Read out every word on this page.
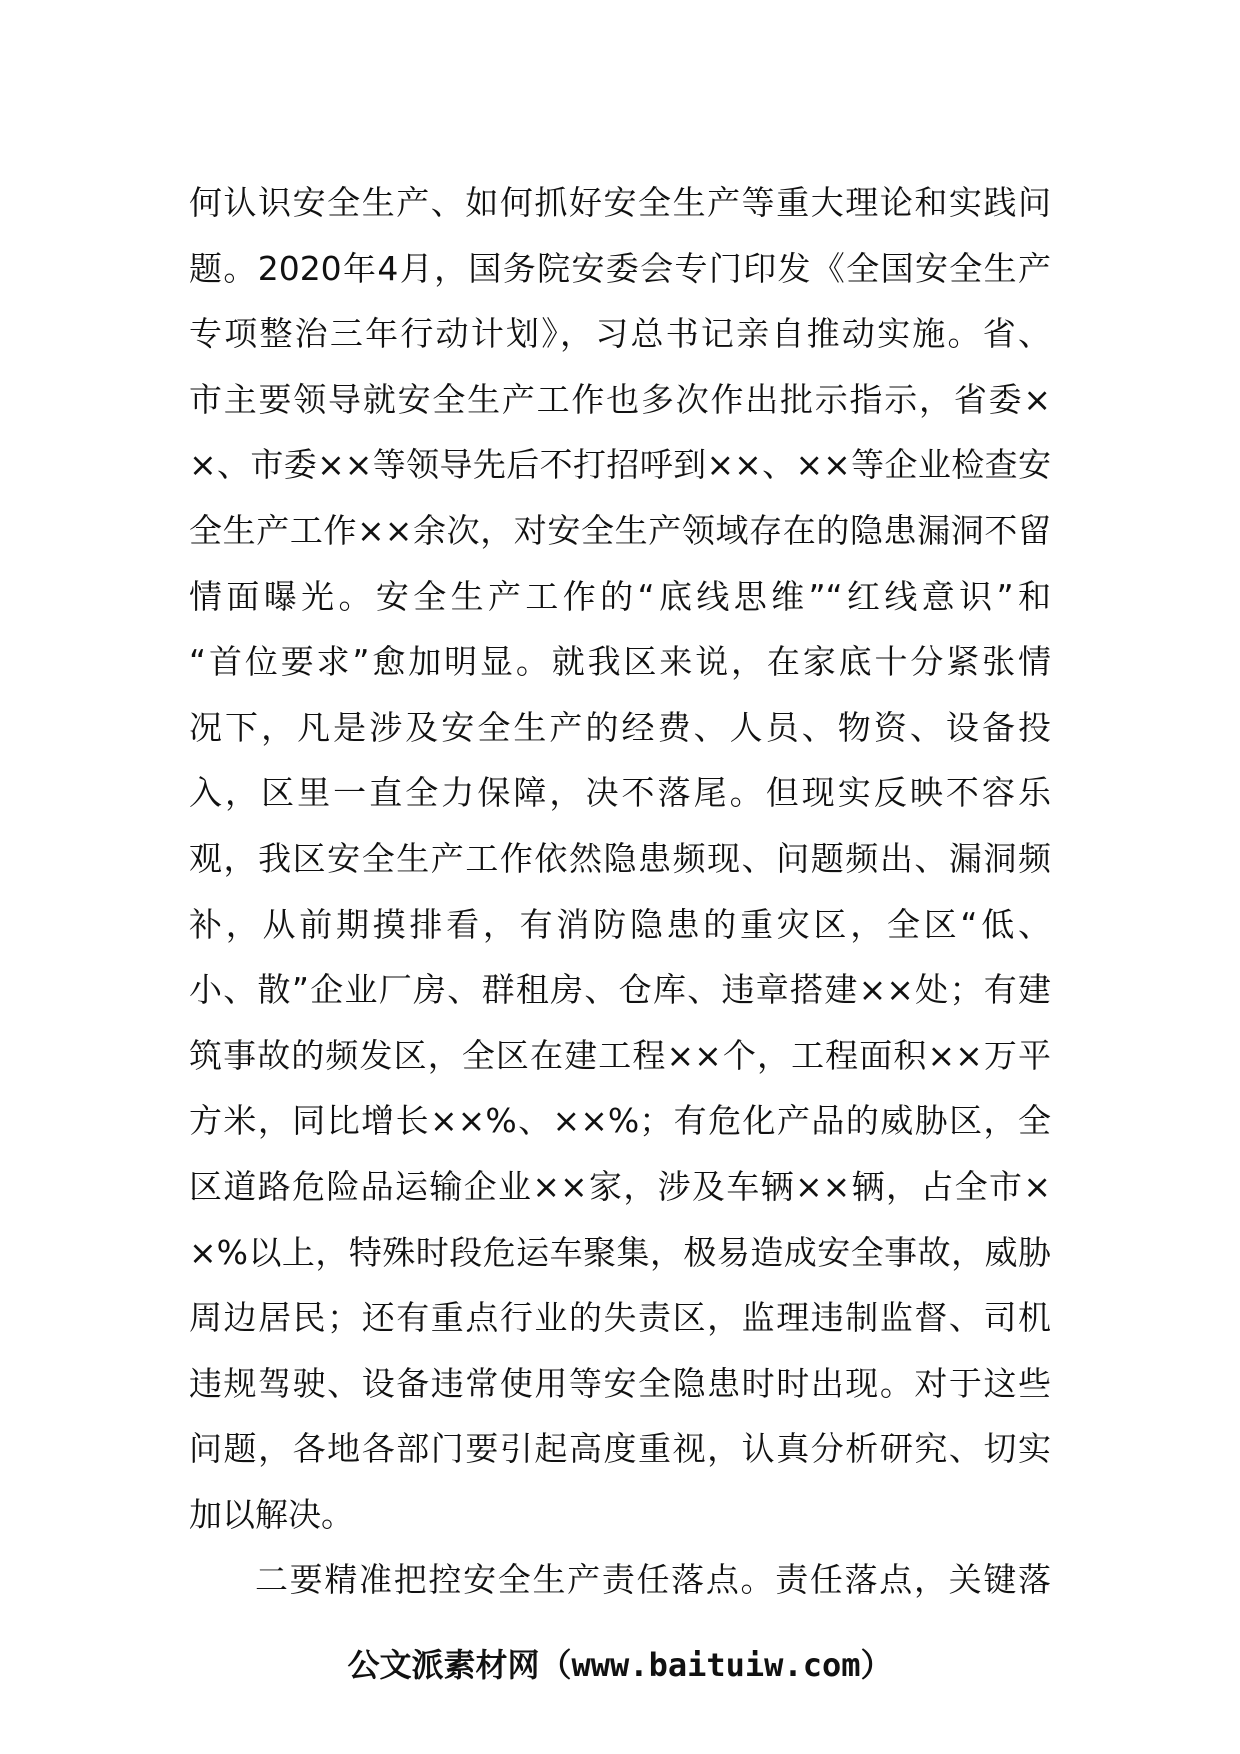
何认识安全生产、如何抓好安全生产等重大理论和实践问
题。2020年4月，国务院安委会专门印发《全国安全生产
专项整治三年行动计划》，习总书记亲自推动实施。省、
市主要领导就安全生产工作也多次作出批示指示，省委×
×、市委××等领导先后不打招呼到××、××等企业检查安
全生产工作××余次，对安全生产领域存在的隐患漏洞不留
情面曝光。安全生产工作的“底线思维”“红线意识”和
“首位要求”愈加明显。就我区来说，在家底十分紧张情
况下，凡是涉及安全生产的经费、人员、物资、设备投
入，区里一直全力保障，决不落尾。但现实反映不容乐
观，我区安全生产工作依然隐患频现、问题频出、漏洞频
补，从前期摸排看，有消防隐患的重灾区，全区“低、
小、散”企业厂房、群租房、仓库、违章搭建××处；有建
筑事故的频发区，全区在建工程××个，工程面积××万平
方米，同比增长××%、××%；有危化产品的威胁区，全
区道路危险品运输企业××家，涉及车辆××辆，占全市×
×%以上，特殊时段危运车聚集，极易造成安全事故，威胁
周边居民；还有重点行业的失责区，监理违制监督、司机
违规驾驶、设备违常使用等安全隐患时时出现。对于这些
问题，各地各部门要引起高度重视，认真分析研究、切实
加以解决。
二要精准把控安全生产责任落点。责任落点，关键落
公文派素材网（www.baituiw.com）
